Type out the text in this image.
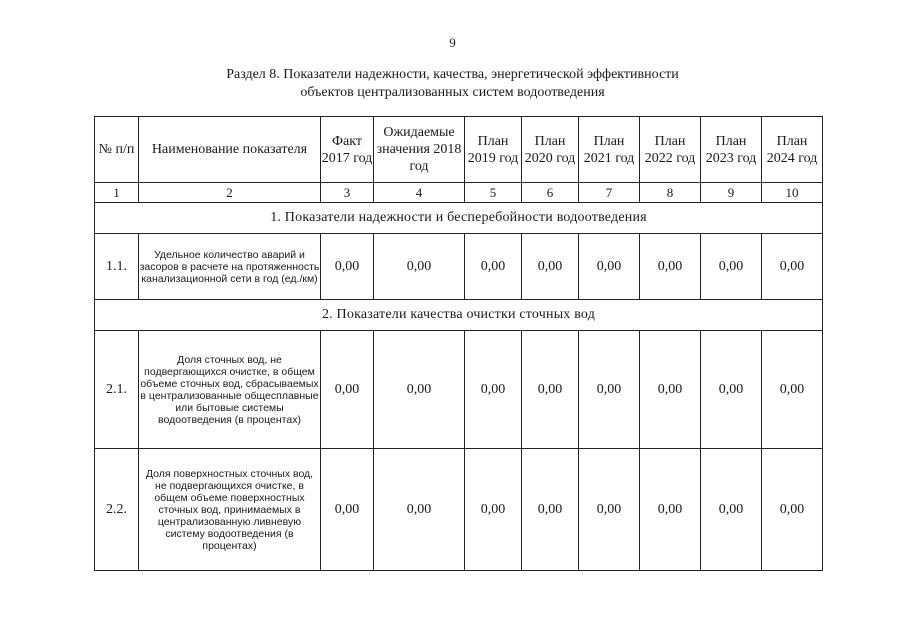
9
Раздел 8. Показатели надежности, качества, энергетической эффективности
объектов централизованных систем водоотведения
№ п/п	Наименование показателя	Факт 2017 год	Ожидаемые значения 2018 год	План 2019 год	План 2020 год	План 2021 год	План 2022 год	План 2023 год	План 2024 год
1	2	3	4	5	6	7	8	9	10
1. Показатели надежности и бесперебойности водоотведения									
1.1.	Удельное количество аварий и засоров в расчете на протяженность канализационной сети в год (ед./км)	0,00	0,00	0,00	0,00	0,00	0,00	0,00	0,00
2. Показатели качества очистки сточных вод									
2.1.	Доля сточных вод, не подвергающихся очистке, в общем объеме сточных вод, сбрасываемых в централизованные общесплавные или бытовые системы водоотведения (в процентах)	0,00	0,00	0,00	0,00	0,00	0,00	0,00	0,00
2.2.	Доля поверхностных сточных вод, не подвергающихся очистке, в общем объеме поверхностных сточных вод, принимаемых в централизованную ливневую систему водоотведения (в процентах)	0,00	0,00	0,00	0,00	0,00	0,00	0,00	0,00
